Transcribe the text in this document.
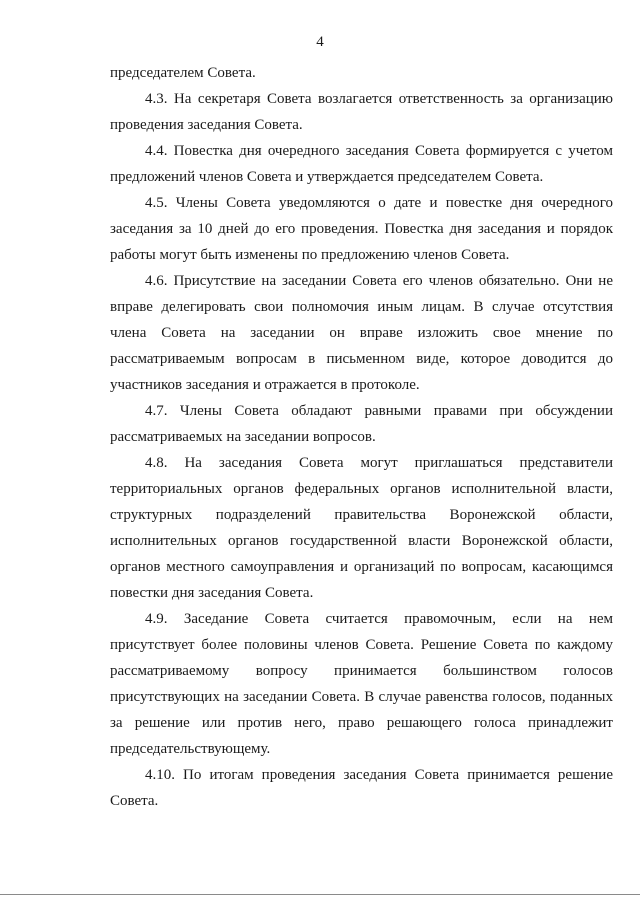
4
председателем Совета.
4.3. На секретаря Совета возлагается ответственность за организацию
проведения заседания Совета.
4.4. Повестка дня очередного заседания Совета формируется с учетом
предложений членов Совета и утверждается председателем Совета.
4.5. Члены Совета уведомляются о дате и повестке дня очередного
заседания за 10 дней до его проведения. Повестка дня заседания и порядок
работы могут быть изменены по предложению членов Совета.
4.6. Присутствие на заседании Совета его членов обязательно. Они не
вправе делегировать свои полномочия иным лицам. В случае отсутствия
члена Совета на заседании он вправе изложить свое мнение по
рассматриваемым вопросам в письменном виде, которое доводится до
участников заседания и отражается в протоколе.
4.7. Члены Совета обладают равными правами при обсуждении
рассматриваемых на заседании вопросов.
4.8. На заседания Совета могут приглашаться представители
территориальных органов федеральных органов исполнительной власти,
структурных подразделений правительства Воронежской области,
исполнительных органов государственной власти Воронежской области,
органов местного самоуправления и организаций по вопросам, касающимся
повестки дня заседания Совета.
4.9. Заседание Совета считается правомочным, если на нем
присутствует более половины членов Совета. Решение Совета по каждому
рассматриваемому вопросу принимается большинством голосов
присутствующих на заседании Совета. В случае равенства голосов, поданных
за решение или против него, право решающего голоса принадлежит
председательствующему.
4.10. По итогам проведения заседания Совета принимается решение
Совета.
